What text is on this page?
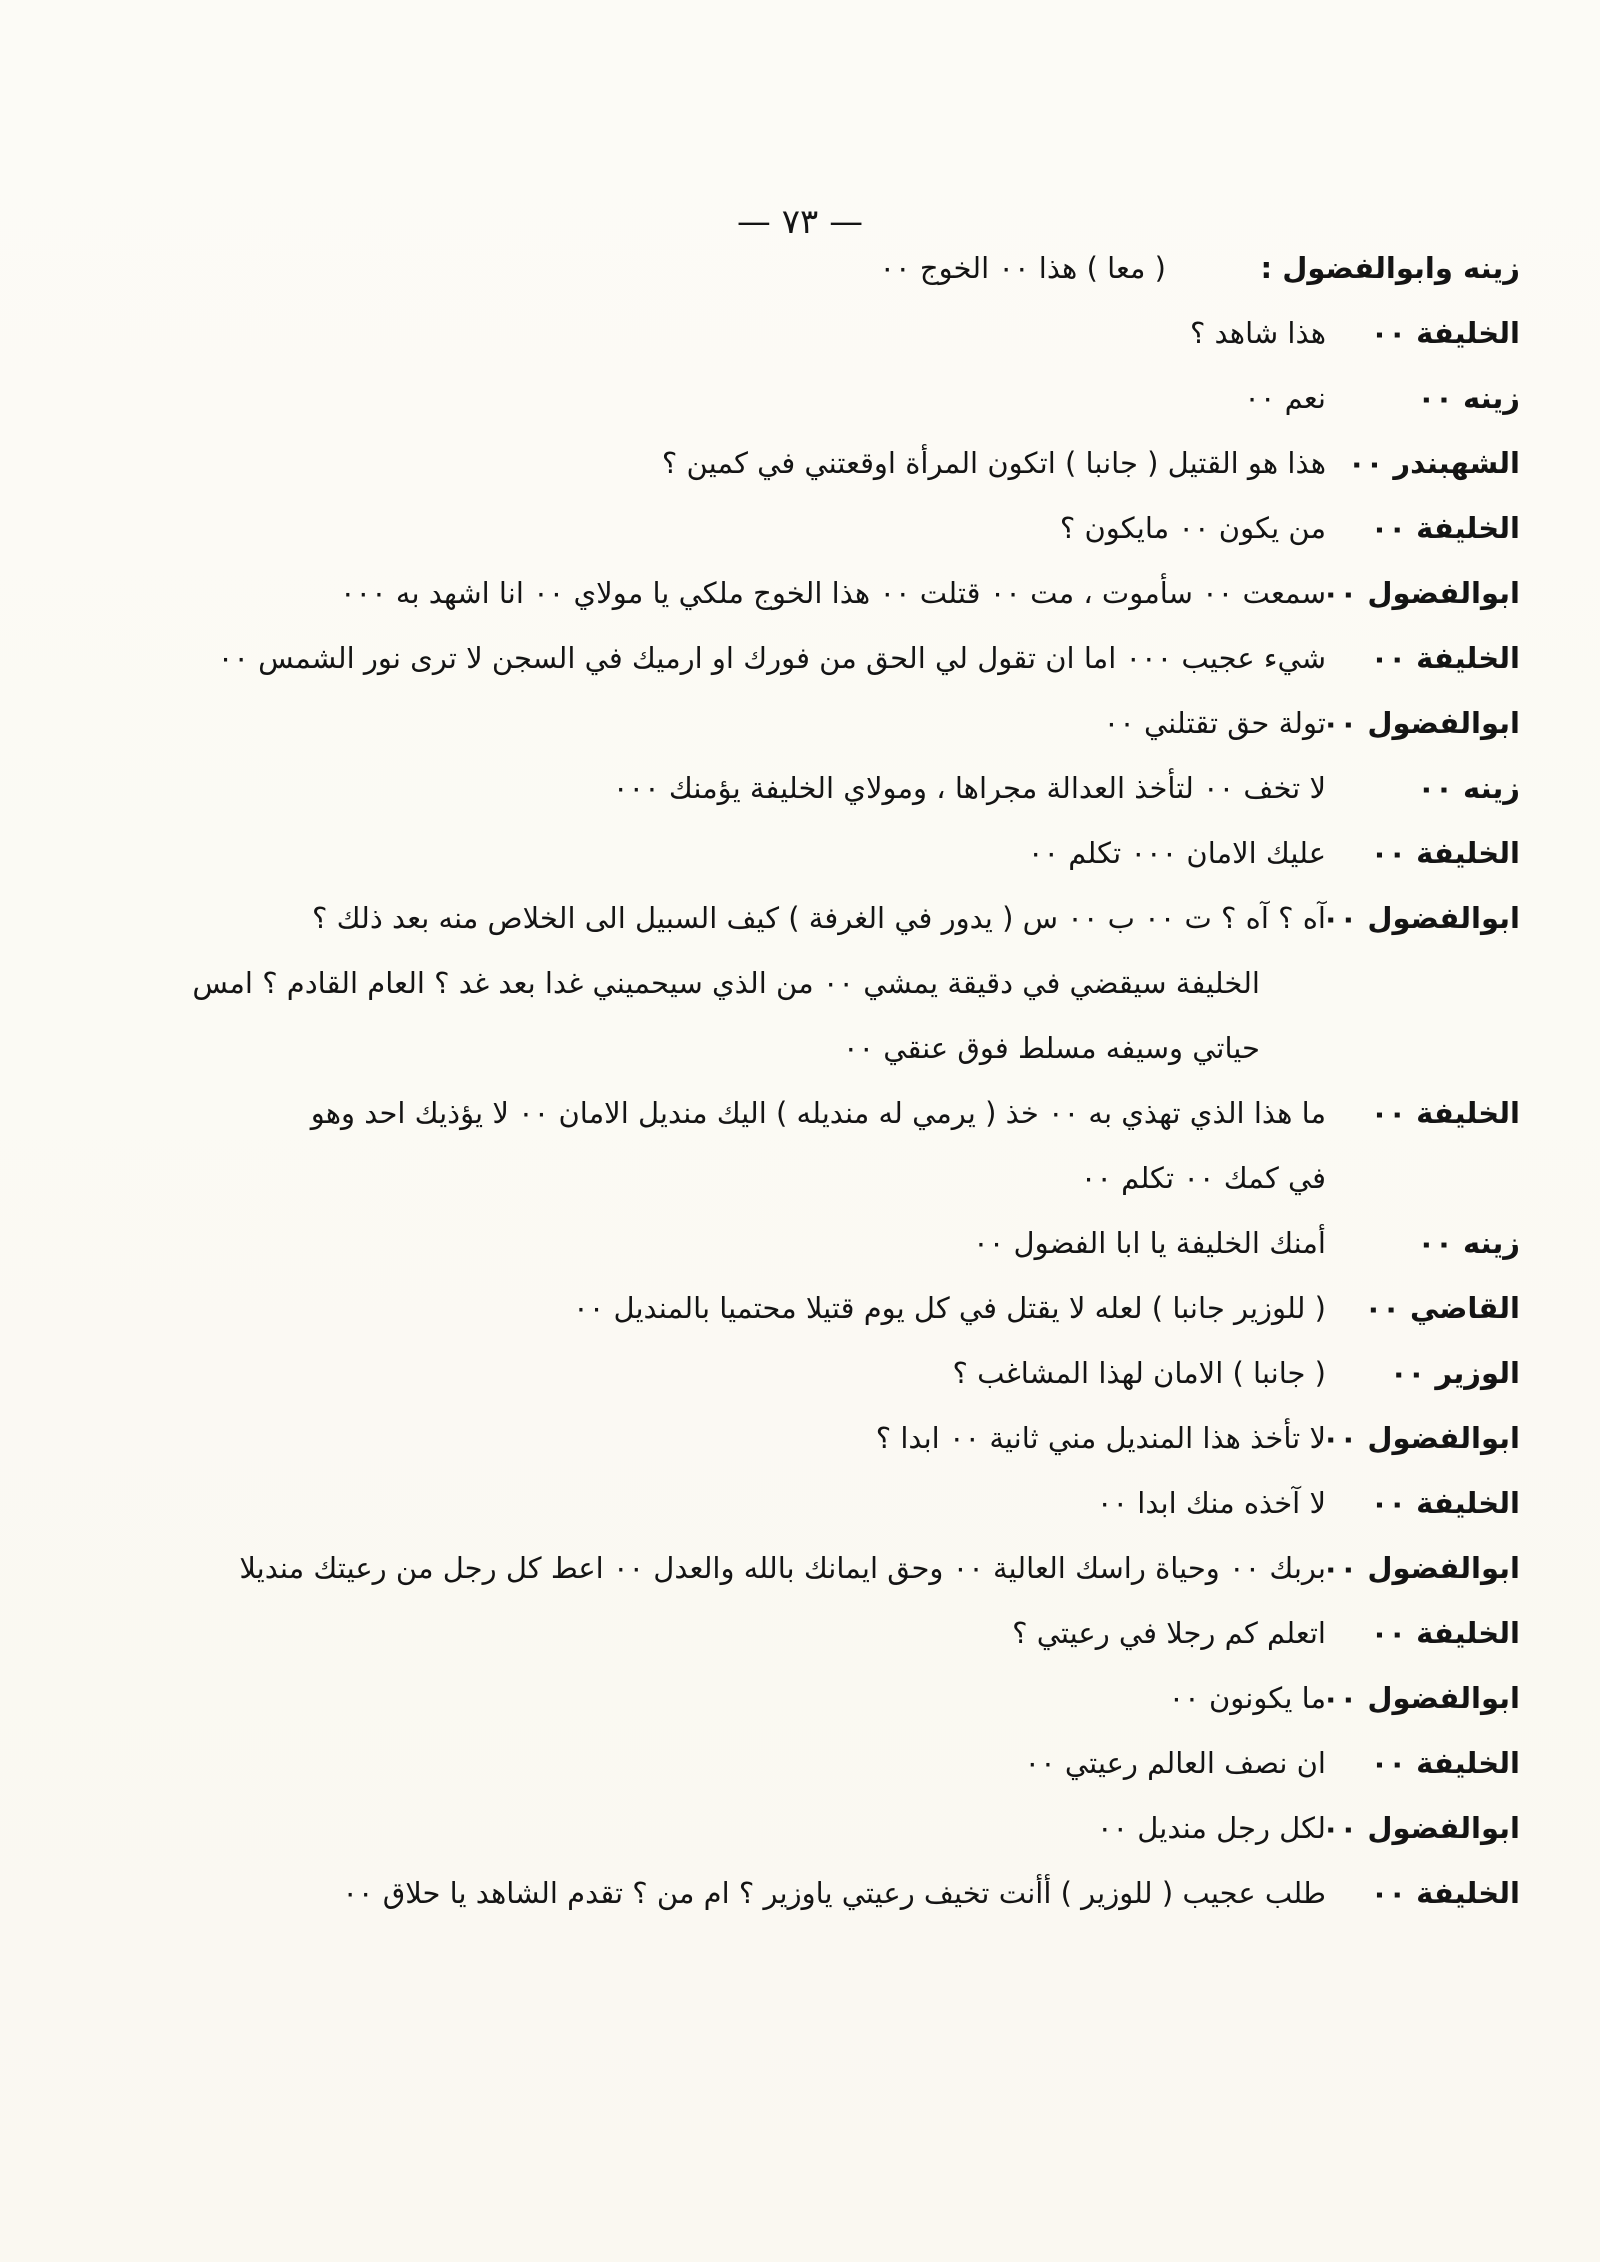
— ٧٣ —
زينه وابوالفضول :
( معا ) هذا ٠٠ الخوج ٠٠
الخليفة ٠٠
هذا شاهد ؟
زينه ٠٠
نعم ٠٠
الشهبندر ٠٠
هذا هو القتيل ( جانبا ) اتكون المرأة اوقعتني في كمين ؟
الخليفة ٠٠
من يكون ٠٠ مايكون ؟
ابوالفضول ٠٠
سمعت ٠٠ سأموت ، مت ٠٠ قتلت ٠٠ هذا الخوج ملكي يا مولاي ٠٠ انا اشهد به ٠٠٠
الخليفة ٠٠
شيء عجيب ٠٠٠ اما ان تقول لي الحق من فورك او ارميك في السجن لا ترى نور الشمس ٠٠
ابوالفضول ٠٠
تولة حق تقتلني ٠٠
زينه ٠٠
لا تخف ٠٠ لتأخذ العدالة مجراها ، ومولاي الخليفة يؤمنك ٠٠٠
الخليفة ٠٠
عليك الامان ٠٠٠ تكلم ٠٠
ابوالفضول ٠٠
آه ؟ آه ؟ ت ٠٠ ب ٠٠ س ( يدور في الغرفة ) كيف السبيل الى الخلاص منه بعد ذلك ؟
الخليفة سيقضي في دقيقة يمشي ٠٠ من الذي سيحميني غدا بعد غد ؟ العام القادم ؟ امس
حياتي وسيفه مسلط فوق عنقي ٠٠
الخليفة ٠٠
ما هذا الذي تهذي به ٠٠ خذ ( يرمي له منديله ) اليك منديل الامان ٠٠ لا يؤذيك احد وهو
في كمك ٠٠ تكلم ٠٠
زينه ٠٠
أمنك الخليفة يا ابا الفضول ٠٠
القاضي ٠٠
( للوزير جانبا ) لعله لا يقتل في كل يوم قتيلا محتميا بالمنديل ٠٠
الوزير ٠٠
( جانبا ) الامان لهذا المشاغب ؟
ابوالفضول ٠٠
لا تأخذ هذا المنديل مني ثانية ٠٠ ابدا ؟
الخليفة ٠٠
لا آخذه منك ابدا ٠٠
ابوالفضول ٠٠
بربك ٠٠ وحياة راسك العالية ٠٠ وحق ايمانك بالله والعدل ٠٠ اعط كل رجل من رعيتك منديلا
الخليفة ٠٠
اتعلم كم رجلا في رعيتي ؟
ابوالفضول ٠٠
ما يكونون ٠٠
الخليفة ٠٠
ان نصف العالم رعيتي ٠٠
ابوالفضول ٠٠
لكل رجل منديل ٠٠
الخليفة ٠٠
طلب عجيب ( للوزير ) أأنت تخيف رعيتي ياوزير ؟ ام من ؟ تقدم الشاهد يا حلاق ٠٠
